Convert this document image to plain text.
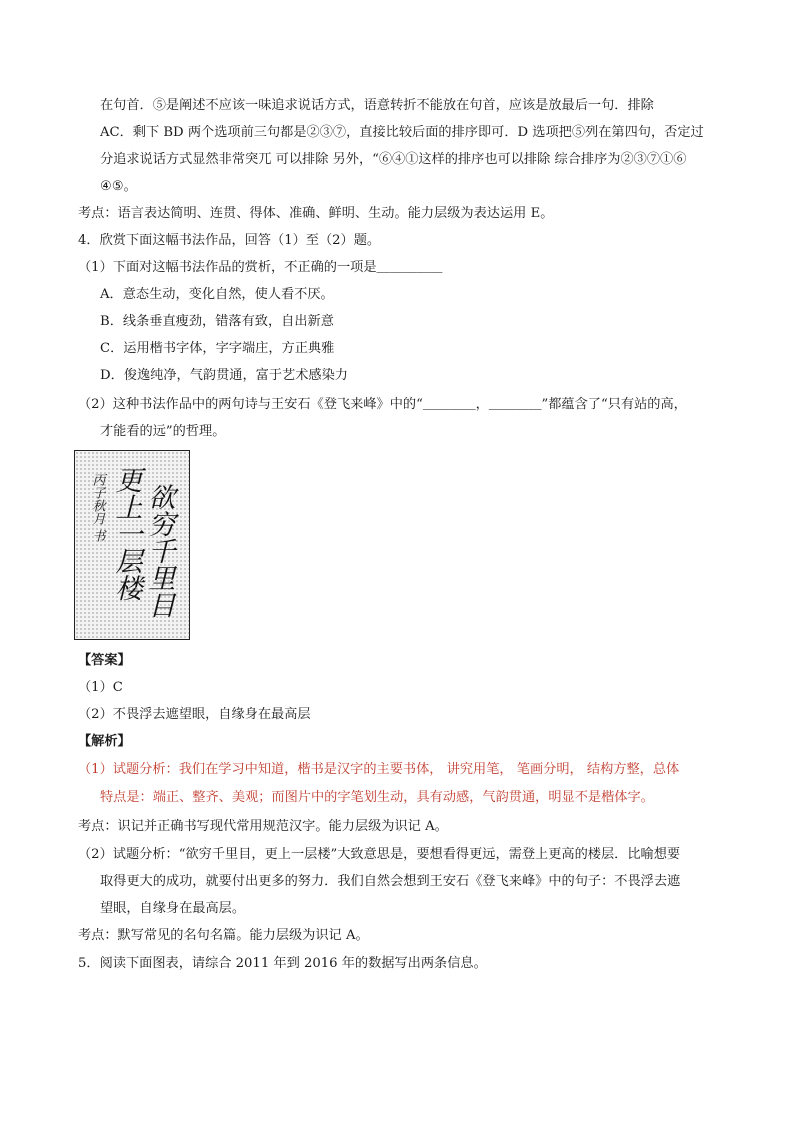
在句首．⑤是阐述不应该一味追求说话方式，语意转折不能放在句首，应该是放最后一句．排除
AC．剩下 BD 两个选项前三句都是②③⑦，直接比较后面的排序即可．D 选项把⑤列在第四句，否定过
分追求说话方式显然非常突兀 可以排除 另外，“⑥④①这样的排序也可以排除 综合排序为②③⑦①⑥
④⑤。
考点：语言表达简明、连贯、得体、准确、鲜明、生动。能力层级为表达运用 E。
4．欣赏下面这幅书法作品，回答（1）至（2）题。
（1）下面对这幅书法作品的赏析，不正确的一项是＿＿＿＿＿
A．意态生动，变化自然，使人看不厌。
B．线条垂直瘦劲，错落有致，自出新意
C．运用楷书字体，字字端庄，方正典雅
D．俊逸纯净，气韵贯通，富于艺术感染力
（2）这种书法作品中的两句诗与王安石《登飞来峰》中的“＿＿＿＿，＿＿＿＿”都蕴含了“只有站的高，
才能看的远”的哲理。
欲穷千里目
更上一层楼
丙子秋月 书
【答案】
（1）C
（2）不畏浮去遮望眼，自缘身在最高层
【解析】
（1）试题分析：我们在学习中知道，楷书是汉字的主要书体， 讲究用笔， 笔画分明， 结构方整，总体
特点是：端正、整齐、美观；而图片中的字笔划生动，具有动感，气韵贯通，明显不是楷体字。
考点：识记并正确书写现代常用规范汉字。能力层级为识记 A。
（2）试题分析：“欲穷千里目，更上一层楼”大致意思是，要想看得更远，需登上更高的楼层．比喻想要
取得更大的成功，就要付出更多的努力．我们自然会想到王安石《登飞来峰》中的句子：不畏浮去遮
望眼，自缘身在最高层。
考点：默写常见的名句名篇。能力层级为识记 A。
5．阅读下面图表，请综合 2011 年到 2016 年的数据写出两条信息。
